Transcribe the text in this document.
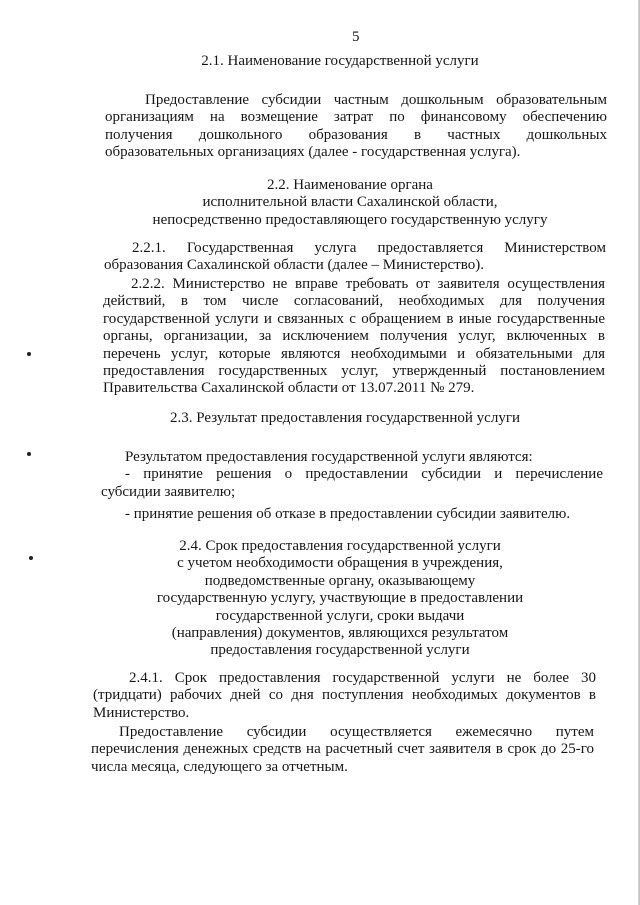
5
2.1. Наименование государственной услуги
Предоставление субсидии частным дошкольным образовательным
организациям на возмещение затрат по финансовому обеспечению
получения дошкольного образования в частных дошкольных
образовательных организациях (далее - государственная услуга).
2.2. Наименование органа
исполнительной власти Сахалинской области,
непосредственно предоставляющего государственную услугу
2.2.1. Государственная услуга предоставляется Министерством
образования Сахалинской области (далее – Министерство).
2.2.2. Министерство не вправе требовать от заявителя осуществления
действий, в том числе согласований, необходимых для получения
государственной услуги и связанных с обращением в иные государственные
органы, организации, за исключением получения услуг, включенных в
перечень услуг, которые являются необходимыми и обязательными для
предоставления государственных услуг, утвержденный постановлением
Правительства Сахалинской области от 13.07.2011 № 279.
2.3. Результат предоставления государственной услуги
Результатом предоставления государственной услуги являются:
- принятие решения о предоставлении субсидии и перечисление
субсидии заявителю;
- принятие решения об отказе в предоставлении субсидии заявителю.
2.4. Срок предоставления государственной услуги
с учетом необходимости обращения в учреждения,
подведомственные органу, оказывающему
государственную услугу, участвующие в предоставлении
государственной услуги, сроки выдачи
(направления) документов, являющихся результатом
предоставления государственной услуги
2.4.1. Срок предоставления государственной услуги не более 30
(тридцати) рабочих дней со дня поступления необходимых документов в
Министерство.
Предоставление субсидии осуществляется ежемесячно путем
перечисления денежных средств на расчетный счет заявителя в срок до 25-го
числа месяца, следующего за отчетным.
